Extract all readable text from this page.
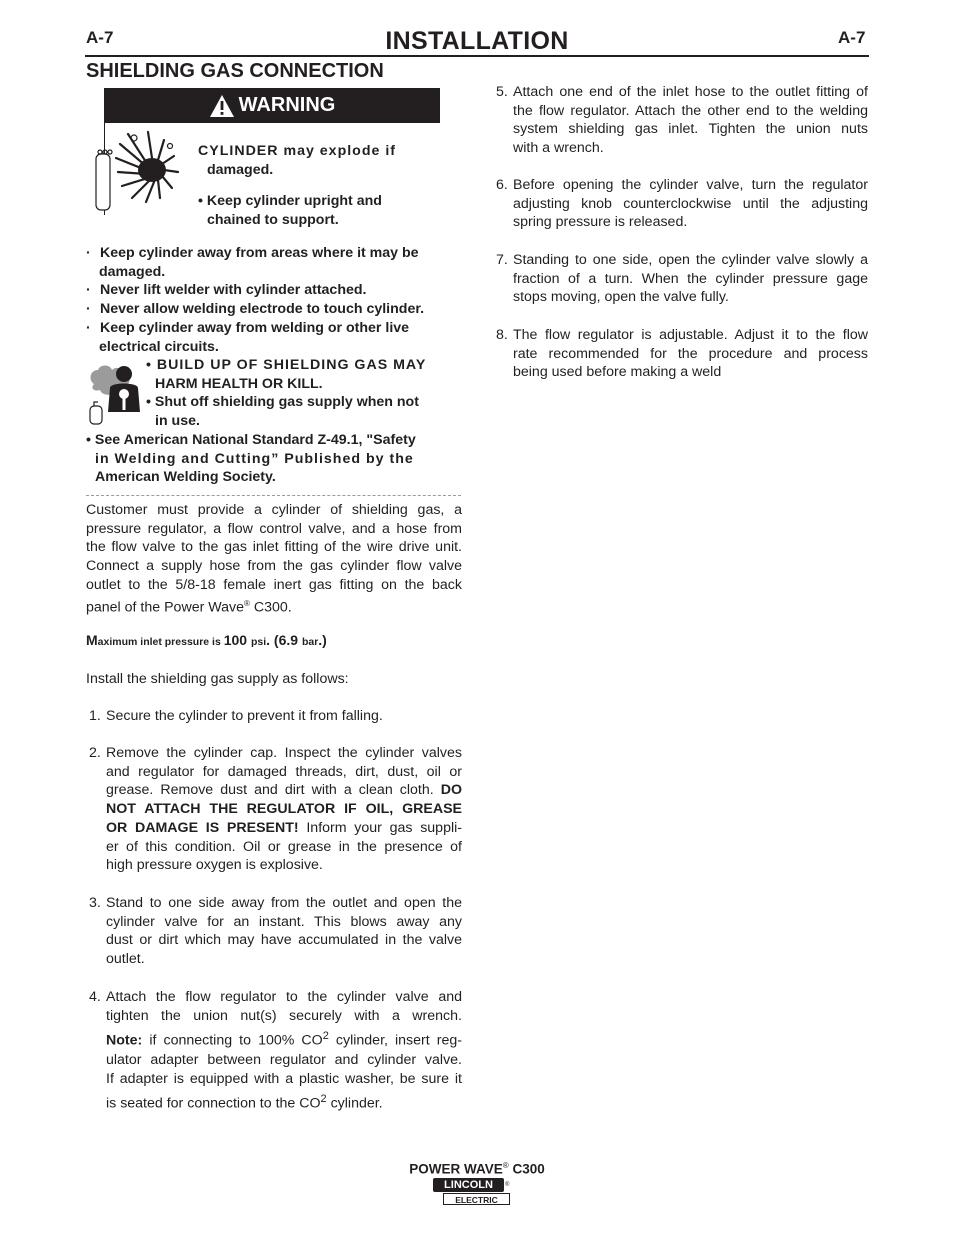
A-7	A-7
INSTALLATION
SHIELDING GAS CONNECTION
WARNING
CYLINDER may explode if
damaged.
• Keep cylinder upright and
chained to support.
· Keep cylinder away from areas where it may be
damaged.
· Never lift welder with cylinder attached.
· Never allow welding electrode to touch cylinder.
· Keep cylinder away from welding or other live
electrical circuits.
• BUILD UP OF SHIELDING GAS MAY
HARM HEALTH OR KILL.
• Shut off shielding gas supply when not
in use.
• See American National Standard Z-49.1, "Safety
in Welding and Cutting” Published by the
American Welding Society.
Customer must provide a cylinder of shielding gas, a
pressure regulator, a flow control valve, and a hose from
the flow valve to the gas inlet fitting of the wire drive unit.
Connect a supply hose from the gas cylinder flow valve
outlet to the 5/8-18 female inert gas fitting on the back
panel of the Power Wave® C300.
Maximum inlet pressure is 100 psi. (6.9 bar.)
Install the shielding gas supply as follows:
1. Secure the cylinder to prevent it from falling.
2. Remove the cylinder cap. Inspect the cylinder valves
and regulator for damaged threads, dirt, dust, oil or
grease. Remove dust and dirt with a clean cloth. DO
NOT ATTACH THE REGULATOR IF OIL, GREASE
OR DAMAGE IS PRESENT! Inform your gas suppli-
er of this condition. Oil or grease in the presence of
high pressure oxygen is explosive.
3. Stand to one side away from the outlet and open the
cylinder valve for an instant. This blows away any
dust or dirt which may have accumulated in the valve
outlet.
4. Attach the flow regulator to the cylinder valve and
tighten the union nut(s) securely with a wrench.
Note: if connecting to 100% $CO^2$ cylinder, insert reg-
ulator adapter between regulator and cylinder valve.
If adapter is equipped with a plastic washer, be sure it
is seated for connection to the $CO^2$ cylinder.
5. Attach one end of the inlet hose to the outlet fitting of
the flow regulator. Attach the other end to the welding
system shielding gas inlet. Tighten the union nuts
with a wrench.
6. Before opening the cylinder valve, turn the regulator
adjusting knob counterclockwise until the adjusting
spring pressure is released.
7. Standing to one side, open the cylinder valve slowly a
fraction of a turn. When the cylinder pressure gage
stops moving, open the valve fully.
8. The flow regulator is adjustable. Adjust it to the flow
rate recommended for the procedure and process
being used before making a weld
POWER WAVE® C300
LINCOLN	®
ELECTRIC
